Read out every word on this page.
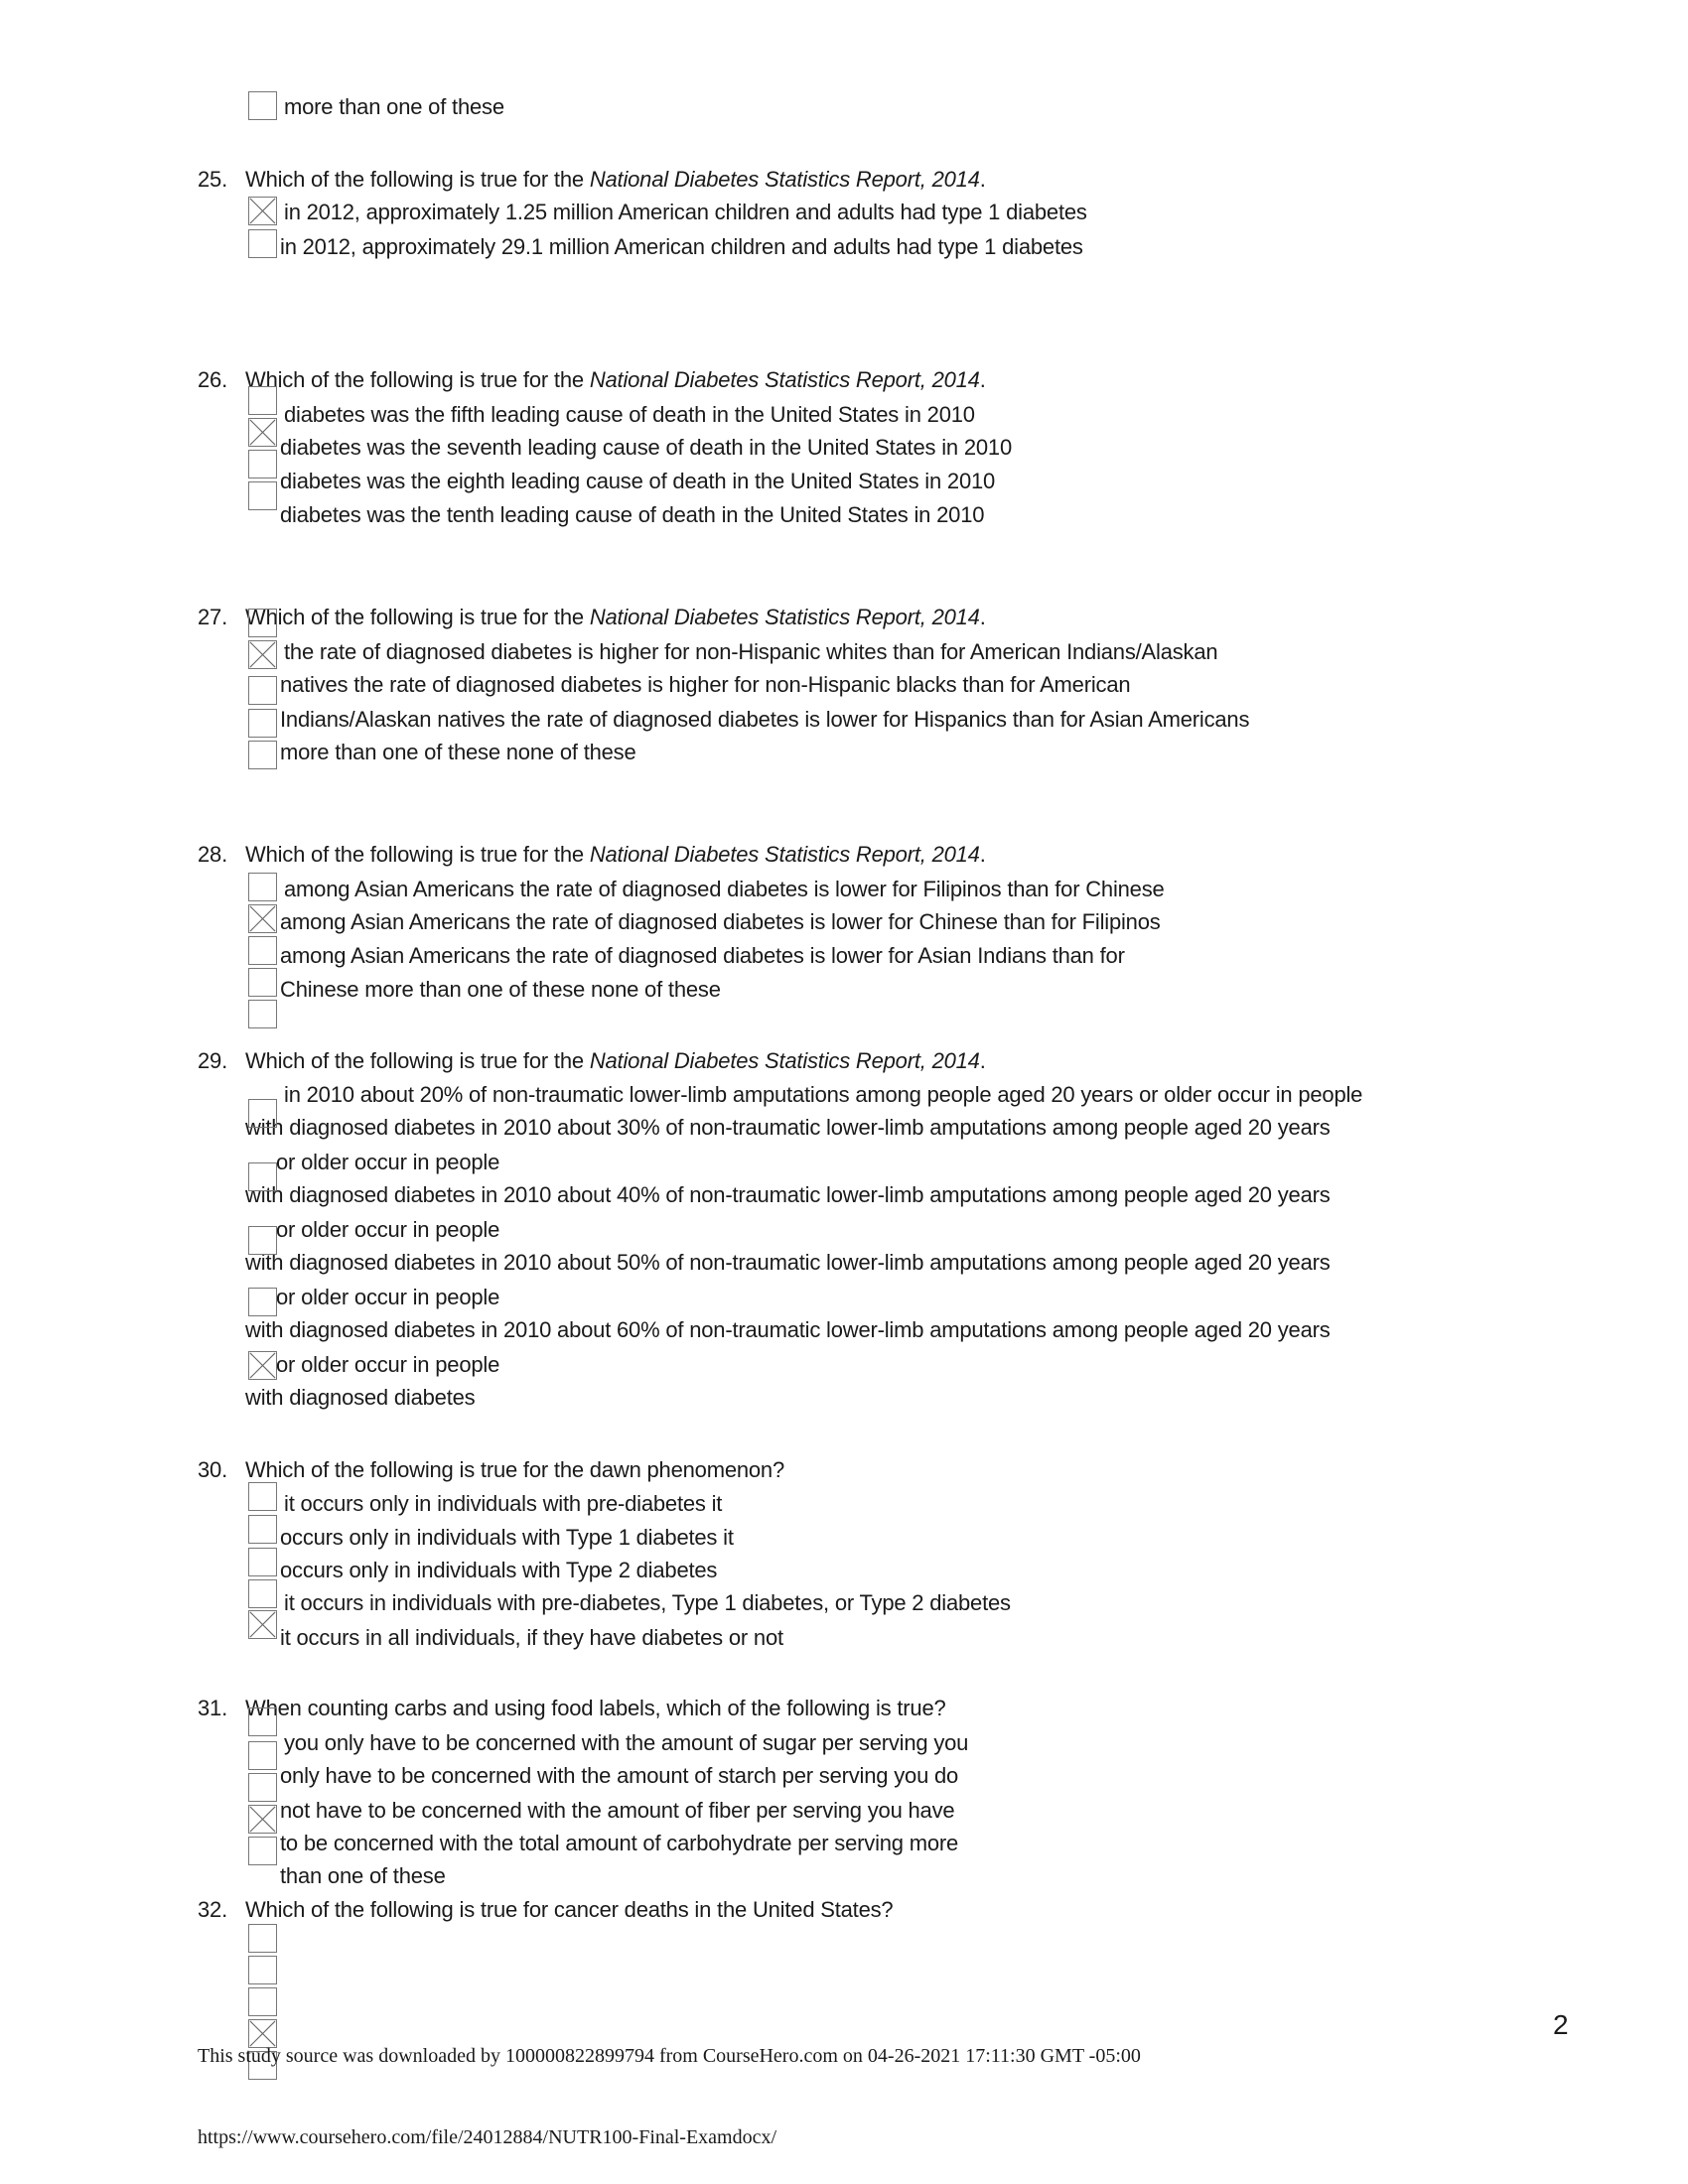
more than one of these
25. Which of the following is true for the National Diabetes Statistics Report, 2014.
in 2012, approximately 1.25 million American children and adults had type 1 diabetes
in 2012, approximately 29.1 million American children and adults had type 1 diabetes
26. Which of the following is true for the National Diabetes Statistics Report, 2014.
diabetes was the fifth leading cause of death in the United States in 2010
diabetes was the seventh leading cause of death in the United States in 2010
diabetes was the eighth leading cause of death in the United States in 2010
diabetes was the tenth leading cause of death in the United States in 2010
27. Which of the following is true for the National Diabetes Statistics Report, 2014.
the rate of diagnosed diabetes is higher for non-Hispanic whites than for American Indians/Alaskan
natives the rate of diagnosed diabetes is higher for non-Hispanic blacks than for American
Indians/Alaskan natives the rate of diagnosed diabetes is lower for Hispanics than for Asian Americans
more than one of these none of these
28. Which of the following is true for the National Diabetes Statistics Report, 2014.
among Asian Americans the rate of diagnosed diabetes is lower for Filipinos than for Chinese
among Asian Americans the rate of diagnosed diabetes is lower for Chinese than for Filipinos
among Asian Americans the rate of diagnosed diabetes is lower for Asian Indians than for
Chinese more than one of these none of these
29. Which of the following is true for the National Diabetes Statistics Report, 2014.
in 2010 about 20% of non-traumatic lower-limb amputations among people aged 20 years or older occur in people
with diagnosed diabetes in 2010 about 30% of non-traumatic lower-limb amputations among people aged 20 years
or older occur in people
with diagnosed diabetes in 2010 about 40% of non-traumatic lower-limb amputations among people aged 20 years
or older occur in people
with diagnosed diabetes in 2010 about 50% of non-traumatic lower-limb amputations among people aged 20 years
or older occur in people
with diagnosed diabetes in 2010 about 60% of non-traumatic lower-limb amputations among people aged 20 years
or older occur in people
with diagnosed diabetes
30. Which of the following is true for the dawn phenomenon?
it occurs only in individuals with pre-diabetes it
occurs only in individuals with Type 1 diabetes it
occurs only in individuals with Type 2 diabetes
it occurs in individuals with pre-diabetes, Type 1 diabetes, or Type 2 diabetes
it occurs in all individuals, if they have diabetes or not
31. When counting carbs and using food labels, which of the following is true?
you only have to be concerned with the amount of sugar per serving you
only have to be concerned with the amount of starch per serving you do
not have to be concerned with the amount of fiber per serving you have
to be concerned with the total amount of carbohydrate per serving more
than one of these
32. Which of the following is true for cancer deaths in the United States?
2
This study source was downloaded by 100000822899794 from CourseHero.com on 04-26-2021 17:11:30 GMT -05:00
https://www.coursehero.com/file/24012884/NUTR100-Final-Examdocx/
